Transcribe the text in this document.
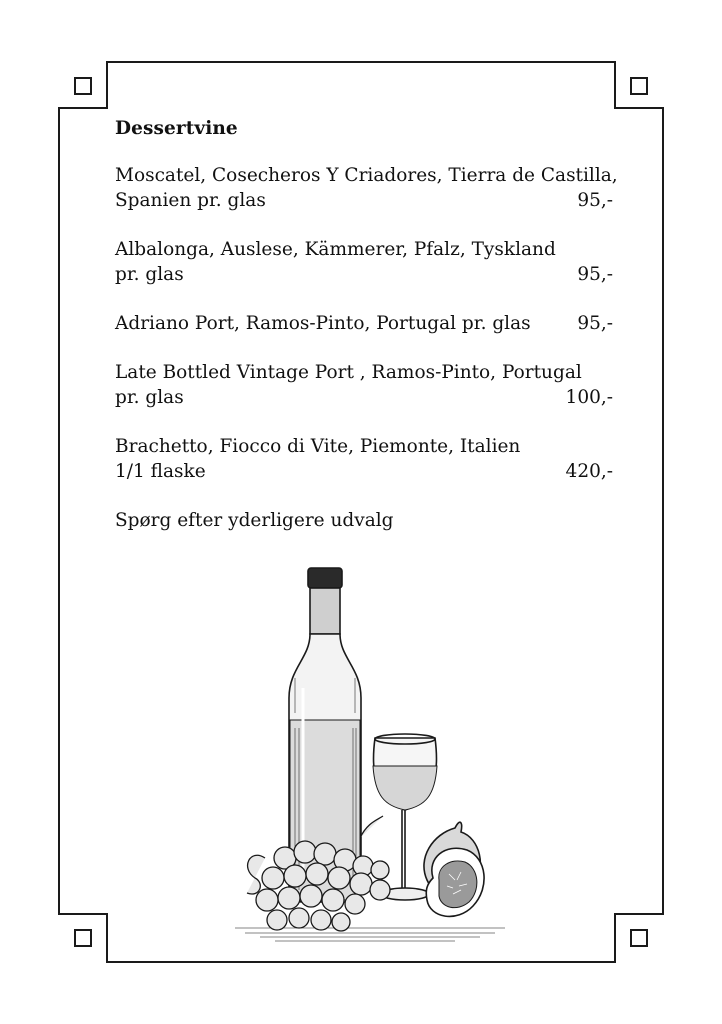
Dessertvine
Moscatel, Cosecheros Y Criadores, Tierra de Castilla,
Spanien pr. glas	95,-
Albalonga, Auslese, Kämmerer, Pfalz, Tyskland
pr. glas	95,-
Adriano Port, Ramos-Pinto, Portugal pr. glas	95,-
Late Bottled Vintage Port , Ramos-Pinto, Portugal
pr. glas	100,-
Brachetto, Fiocco di Vite, Piemonte, Italien
1/1 flaske	420,-
Spørg efter yderligere udvalg
